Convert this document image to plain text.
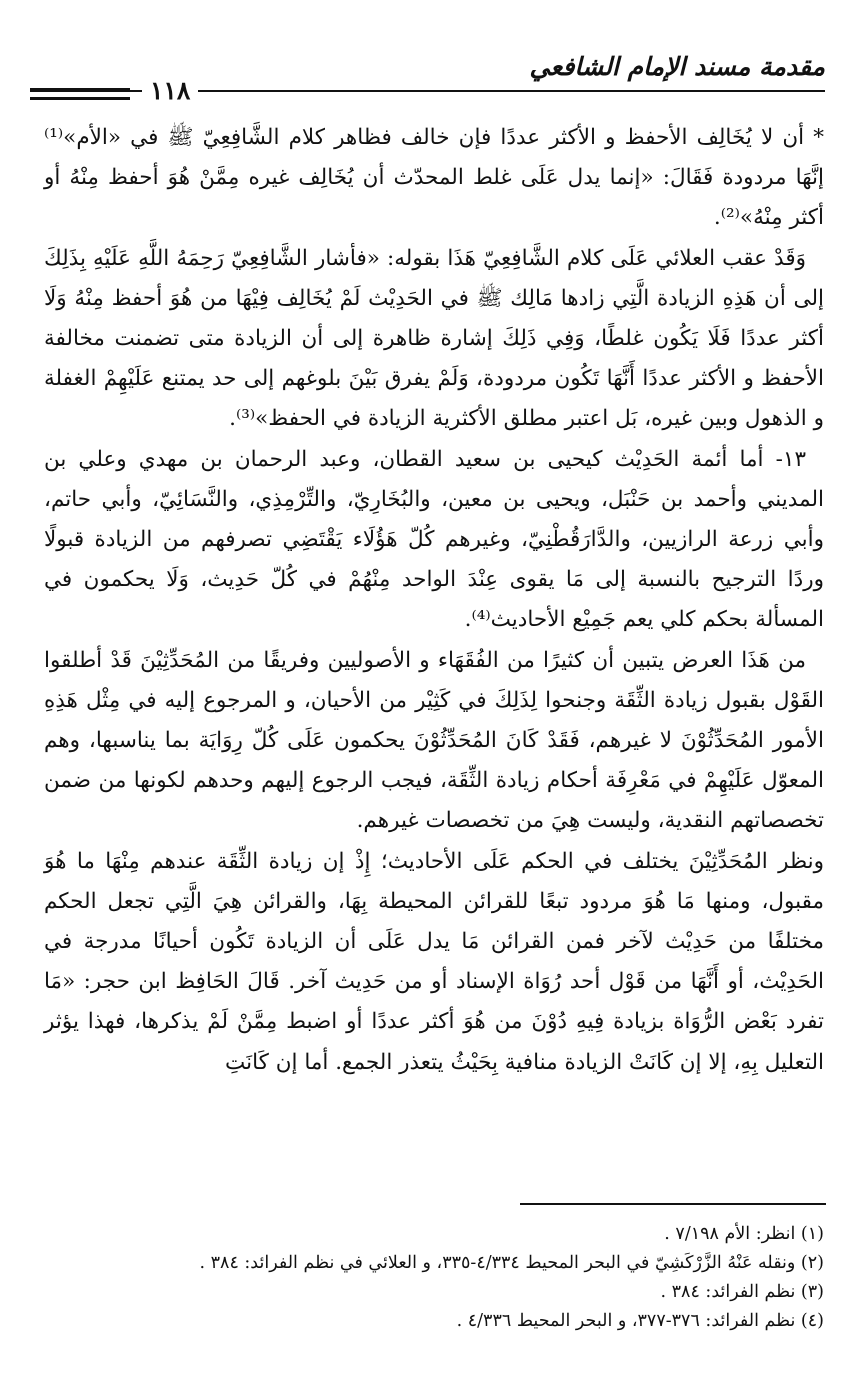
مقدمة مسند الإمام الشافعي
١١٨

* أن لا يُخَالِف الأحفظ و الأكثر عددًا فإن خالف فظاهر كلام الشَّافِعِيّ ﷺ في «الأم»⁽¹⁾ إنَّهَا مردودة فَقَالَ: «إنما يدل عَلَى غلط المحدّث أن يُخَالِف غيره مِمَّنْ هُوَ أحفظ مِنْهُ أو أكثر مِنْهُ»⁽²⁾.

وَقَدْ عقب العلائي عَلَى كلام الشَّافِعِيّ هَذَا بقوله: «فأشار الشَّافِعِيّ رَحِمَهُ اللَّهِ عَلَيْهِ بِذَلِكَ إلى أن هَذِهِ الزيادة الَّتِي زادها مَالِك ﷺ في الحَدِيْث لَمْ يُخَالِف فِيْهَا من هُوَ أحفظ مِنْهُ وَلَا أكثر عددًا فَلَا يَكُون غلطًا، وَفِي ذَلِكَ إشارة ظاهرة إلى أن الزيادة متى تضمنت مخالفة الأحفظ و الأكثر عددًا أَنَّهَا تَكُون مردودة، وَلَمْ يفرق بَيْنَ بلوغهم إلى حد يمتنع عَلَيْهِمْ الغفلة و الذهول وبين غيره، بَل اعتبر مطلق الأكثرية الزيادة في الحفظ»⁽³⁾.

١٣- أما أئمة الحَدِيْث كيحيى بن سعيد القطان، وعبد الرحمان بن مهدي وعلي بن المديني وأحمد بن حَنْبَل، ويحيى بن معين، والبُخَارِيّ، والتِّرْمِذِي، والنَّسَائِيّ، وأبي حاتم، وأبي زرعة الرازيين، والدَّارَقُطْنِيّ، وغيرهم كُلّ هَؤُلَاء يَقْتَضِي تصرفهم من الزيادة قبولًا وردًا الترجيح بالنسبة إلى مَا يقوى عِنْدَ الواحد مِنْهُمْ في كُلّ حَدِيث، وَلَا يحكمون في المسألة بحكم كلي يعم جَمِيْع الأحاديث⁽⁴⁾.

من هَذَا العرض يتبين أن كثيرًا من الفُقَهَاء و الأصوليين وفريقًا من المُحَدِّثِيْنَ قَدْ أطلقوا القَوْل بقبول زيادة الثِّقَة وجنحوا لِذَلِكَ في كَثِيْر من الأحيان، و المرجوع إليه في مِثْل هَذِهِ الأمور المُحَدِّثُوْنَ لا غيرهم، فَقَدْ كَانَ المُحَدِّثُوْنَ يحكمون عَلَى كُلّ رِوَايَة بما يناسبها، وهم المعوّل عَلَيْهِمْ في مَعْرِفَة أحكام زيادة الثِّقَة، فيجب الرجوع إليهم وحدهم لكونها من ضمن تخصصاتهم النقدية، وليست هِيَ من تخصصات غيرهم.

ونظر المُحَدِّثِيْنَ يختلف في الحكم عَلَى الأحاديث؛ إِذْ إن زيادة الثِّقَة عندهم مِنْهَا ما هُوَ مقبول، ومنها مَا هُوَ مردود تبعًا للقرائن المحيطة بِهَا، والقرائن هِيَ الَّتِي تجعل الحكم مختلفًا من حَدِيْث لآخر فمن القرائن مَا يدل عَلَى أن الزيادة تَكُون أحيانًا مدرجة في الحَدِيْث، أو أَنَّهَا من قَوْل أحد رُوَاة الإسناد أو من حَدِيث آخر. قَالَ الحَافِظ ابن حجر: «مَا تفرد بَعْض الرُّوَاة بزيادة فِيهِ دُوْنَ من هُوَ أكثر عددًا أو اضبط مِمَّنْ لَمْ يذكرها، فهذا يؤثر التعليل بِهِ، إلا إن كَانَتْ الزيادة منافية بِحَيْثُ يتعذر الجمع. أما إن كَانَتِ

(١) انظر: الأم ٧/١٩٨ .
(٢) ونقله عَنْهُ الزَّرْكَشِيّ في البحر المحيط ٤/٣٣٤-٣٣٥، و العلائي في نظم الفرائد: ٣٨٤ .
(٣) نظم الفرائد: ٣٨٤ .
(٤) نظم الفرائد: ٣٧٦-٣٧٧، و البحر المحيط ٤/٣٣٦ .
